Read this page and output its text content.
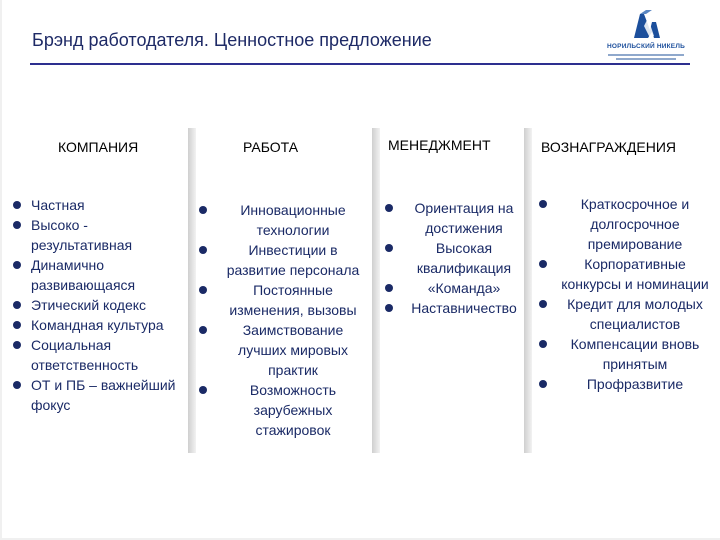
Брэнд работодателя. Ценностное предложение	НОРИЛЬСКИЙ НИКЕЛЬ
КОМПАНИЯ	РАБОТА	МЕНЕДЖМЕНТ	ВОЗНАГРАЖДЕНИЯ
Частная
Высоко - результативная
Динамично развивающаяся
Этический кодекс
Командная культура
Социальная ответственность
ОТ и ПБ – важнейший фокус
Инновационные технологии
Инвестиции в развитие персонала
Постоянные изменения, вызовы
Заимствование лучших мировых практик
Возможность зарубежных стажировок
Ориентация на достижения
Высокая квалификация
«Команда»
Наставничество
Краткосрочное и долгосрочное премирование
Корпоративные конкурсы и номинации
Кредит для молодых специалистов
Компенсации вновь принятым
Профразвитие
